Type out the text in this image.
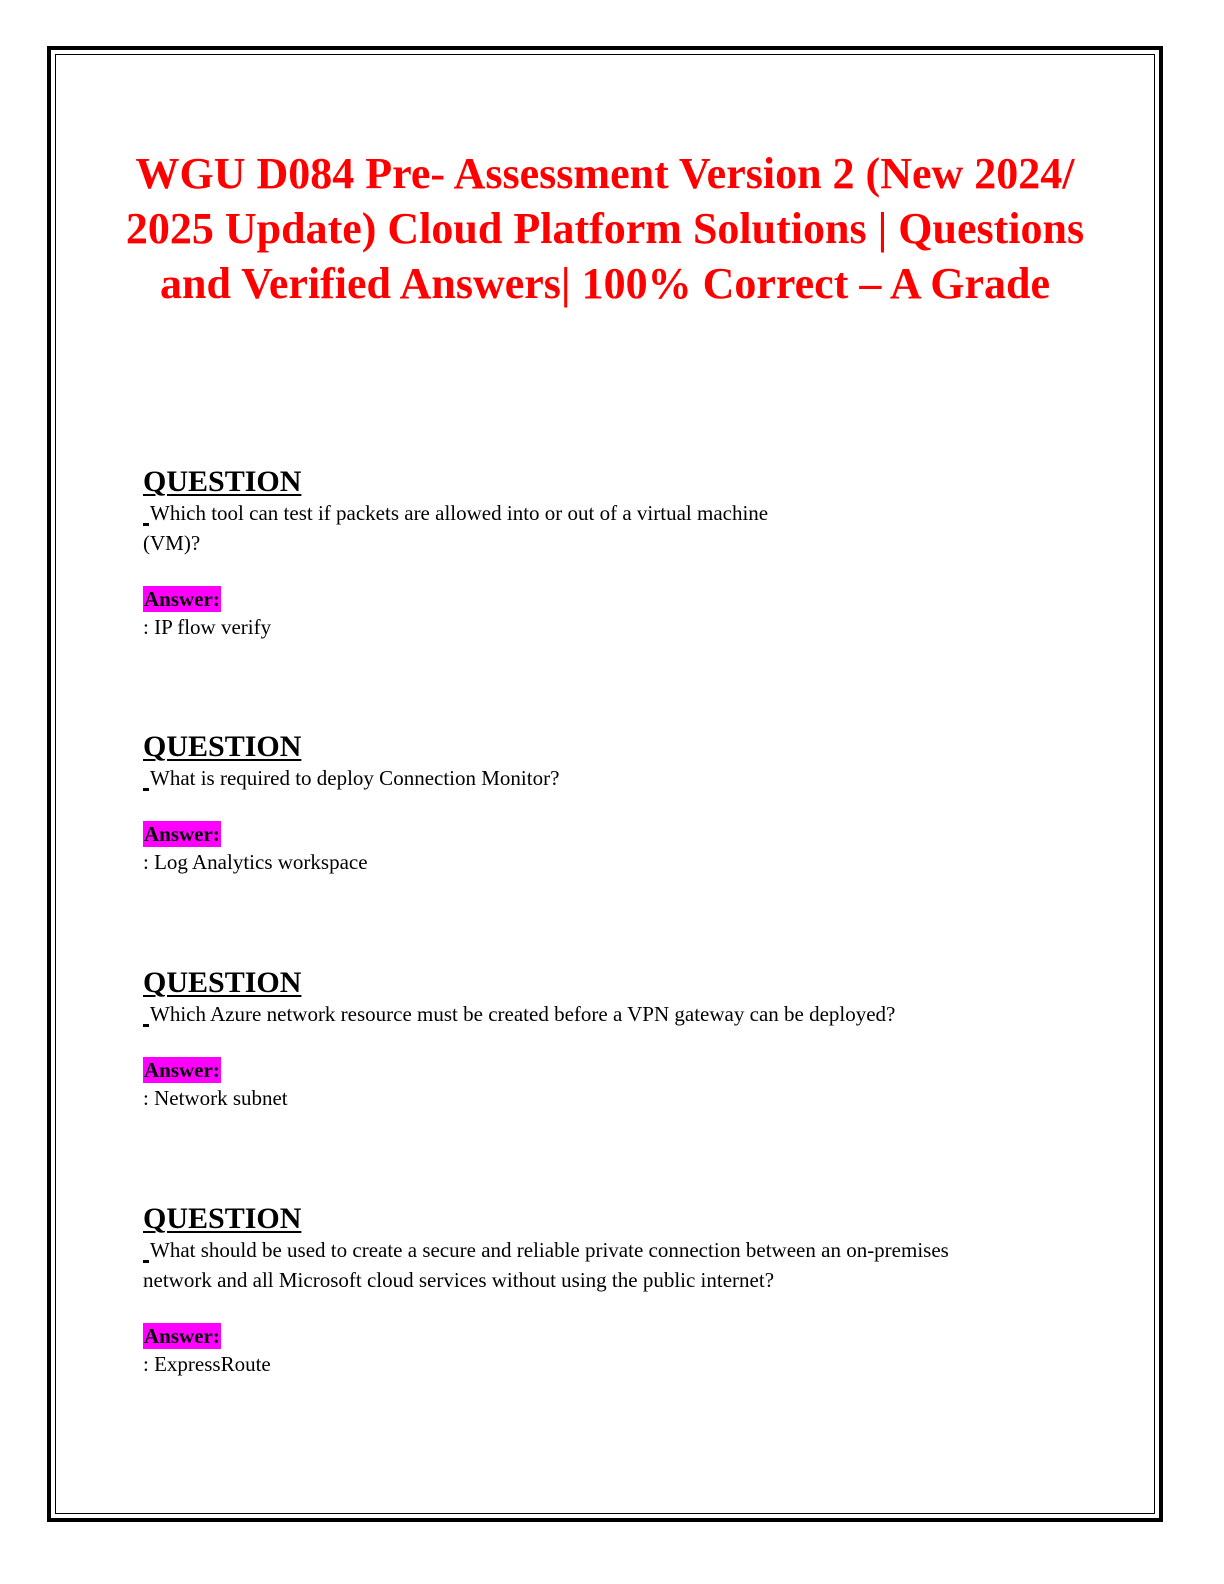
WGU D084 Pre- Assessment Version 2 (New 2024/ 2025 Update) Cloud Platform Solutions | Questions and Verified Answers| 100% Correct – A Grade
QUESTION

Which tool can test if packets are allowed into or out of a virtual machine
(VM)?

Answer:

: IP flow verify

QUESTION

What is required to deploy Connection Monitor?

Answer:

: Log Analytics workspace

QUESTION

Which Azure network resource must be created before a VPN gateway can be deployed?

Answer:

: Network subnet

QUESTION

What should be used to create a secure and reliable private connection between an on-premises
network and all Microsoft cloud services without using the public internet?

Answer:

: ExpressRoute
